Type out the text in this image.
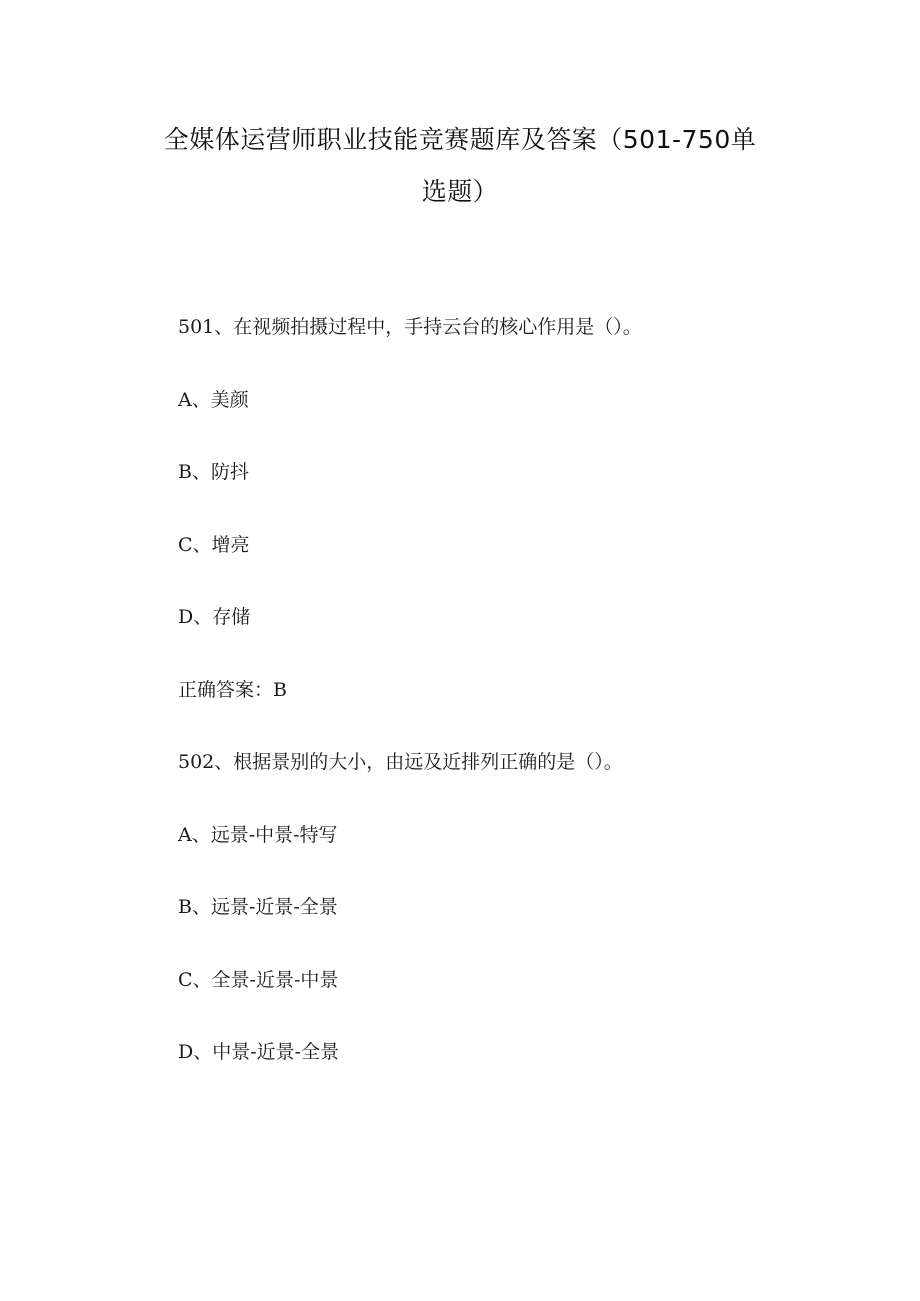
全媒体运营师职业技能竞赛题库及答案（501-750单
选题）
501、在视频拍摄过程中，手持云台的核心作用是（）。
A、美颜
B、防抖
C、增亮
D、存储
正确答案：B
502、根据景别的大小，由远及近排列正确的是（）。
A、远景-中景-特写
B、远景-近景-全景
C、全景-近景-中景
D、中景-近景-全景
